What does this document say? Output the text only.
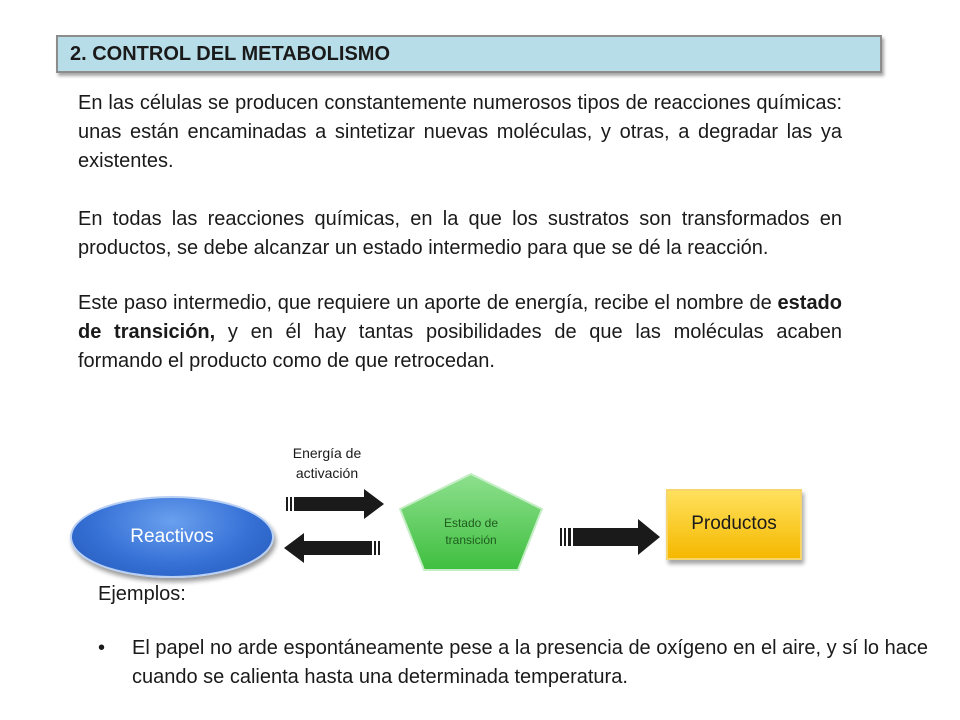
2. CONTROL DEL METABOLISMO
En las células se producen constantemente numerosos tipos de reacciones químicas: unas están encaminadas a sintetizar nuevas moléculas, y otras, a degradar las ya existentes.
En todas las reacciones químicas, en la que los sustratos son transformados en productos, se debe alcanzar un estado intermedio para que se dé la reacción.
Este paso intermedio, que requiere un aporte de energía, recibe el nombre de estado de transición, y en él hay tantas posibilidades de que las moléculas acaben formando el producto como de que retrocedan.
Energía de
activación
Reactivos
Estado de
transición
Productos
Ejemplos:
• El papel no arde espontáneamente pese a la presencia de oxígeno en el aire, y sí lo hace cuando se calienta hasta una determinada temperatura.
